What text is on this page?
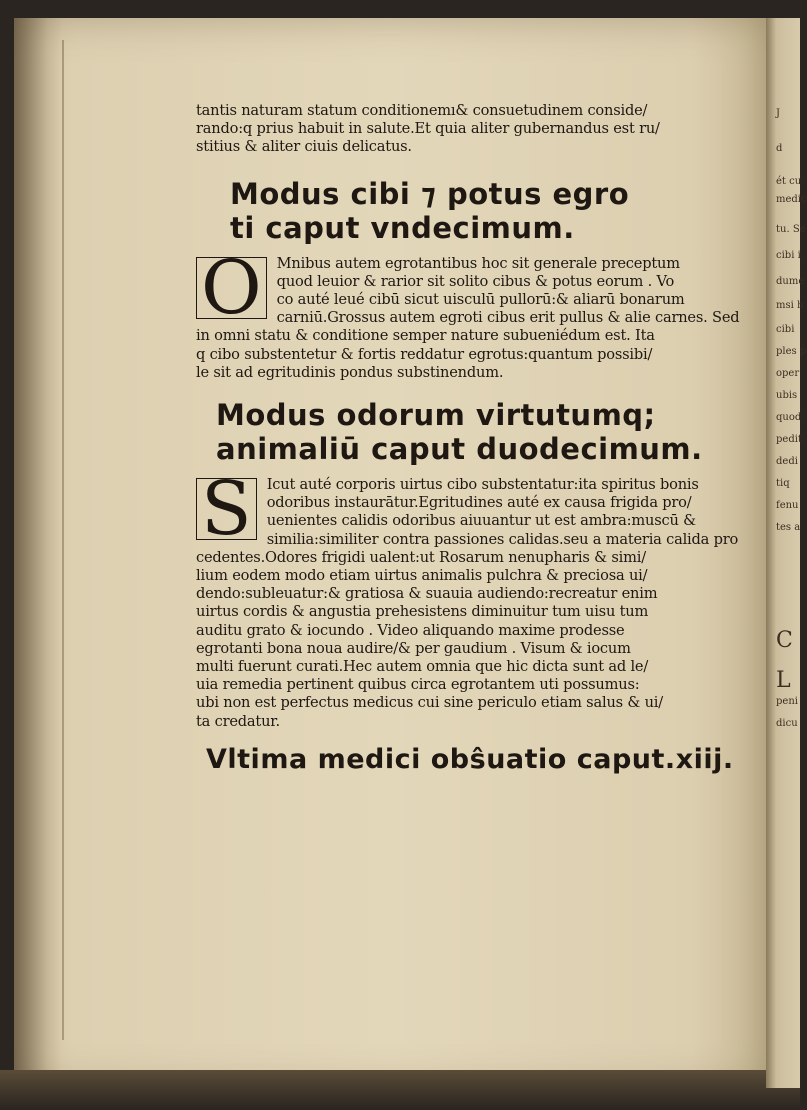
J
d
ét cu
medic
tu. Se
cibi i
dume
msi h
cibi
ples p
oper
ubis
quod
pedit
dedi
tiq
fenu
tes a
C
L
peni
dicu

tantis naturam statum conditionemı& consuetudinem conside/

rando:q prius habuit in salute.Et quia aliter gubernandus est ru/

stitius & aliter ciuis delicatus.

Modus cibi ⁊ potus egro

ti caput vndecimum.

O	Mnibus autem egrotantibus hoc sit generale preceptum

quod leuior & rarior sit solito cibus & potus eorum . Vo

co auté leué cibū sicut uisculū pullorū:& aliarū bonarum

carniū.Grossus autem egroti cibus erit pullus & alie carnes. Sed

in omni statu & conditione semper nature subueniédum est. Ita

q cibo substentetur & fortis reddatur egrotus:quantum possibi/

le sit ad egritudinis pondus substinendum.

Modus odorum virtutumq;

animaliū caput duodecimum.

S	Icut auté corporis uirtus cibo substentatur:ita spiritus bonis

odoribus instaurātur.Egritudines auté ex causa frigida pro/

uenientes calidis odoribus aiuuantur ut est ambra:muscū &

similia:similiter contra passiones calidas.seu a materia calida pro

cedentes.Odores frigidi ualent:ut Rosarum nenupharis & simi/

lium eodem modo etiam uirtus animalis pulchra & preciosa ui/

dendo:subleuatur:& gratiosa & suauia audiendo:recreatur enim

uirtus cordis & angustia prehesistens diminuitur tum uisu tum

auditu grato & iocundo . Video aliquando maxime prodesse

egrotanti bona noua audire/& per gaudium . Visum & iocum

multi fuerunt curati.Hec autem omnia que hic dicta sunt ad le/

uia remedia pertinent quibus circa egrotantem uti possumus:

ubi non est perfectus medicus cui sine periculo etiam salus & ui/

ta credatur.

Vltima medici obŝuatio caput.xiij.
